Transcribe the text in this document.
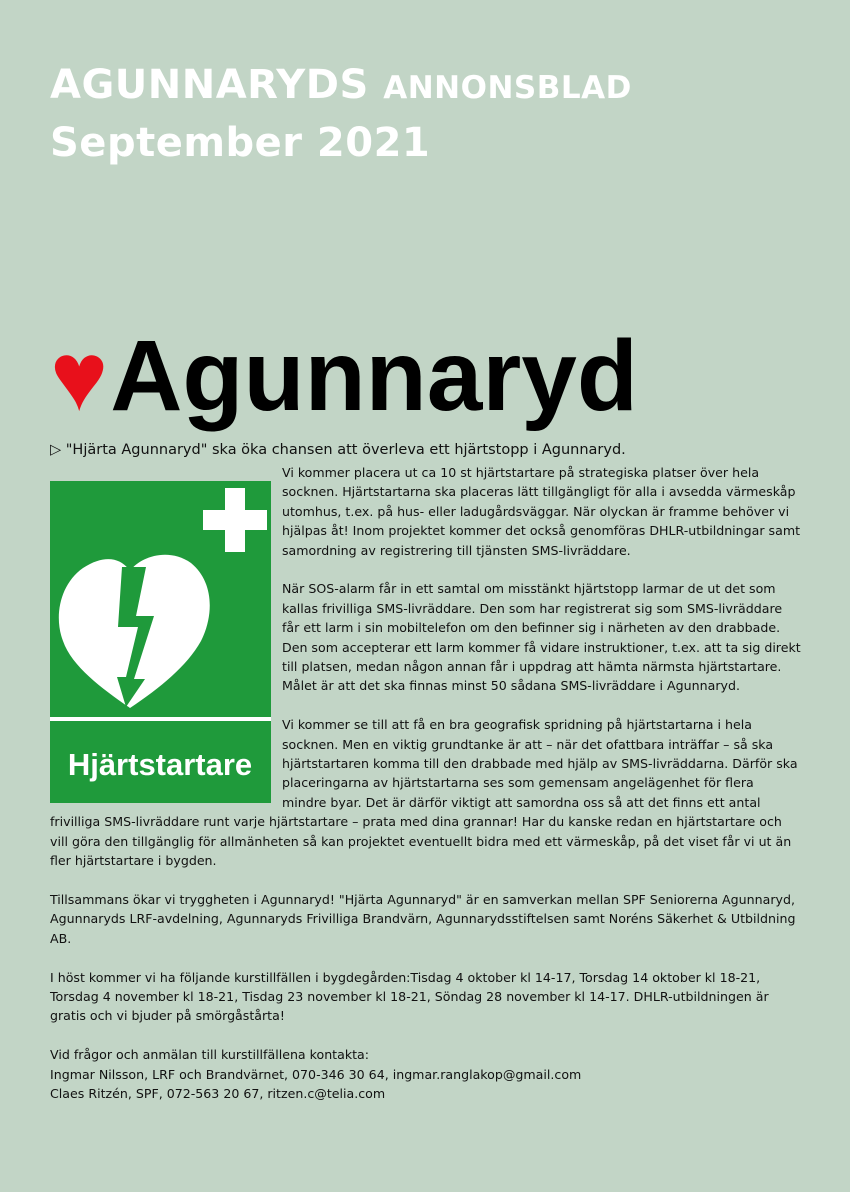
AGUNNARYDS ANNONSBLAD
September 2021
♥Agunnaryd
▷ "Hjärta Agunnaryd" ska öka chansen att överleva ett hjärtstopp i Agunnaryd.
Hjärtstartare

Vi kommer placera ut ca 10 st hjärtstartare på strategiska platser över hela socknen. Hjärtstartarna ska placeras lätt tillgängligt för alla i avsedda värmeskåp utomhus, t.ex. på hus- eller ladugårdsväggar. När olyckan är framme behöver vi hjälpas åt! Inom projektet kommer det också genomföras DHLR-utbildningar samt samordning av registrering till tjänsten SMS-livräddare.

När SOS-alarm får in ett samtal om misstänkt hjärtstopp larmar de ut det som kallas frivilliga SMS-livräddare. Den som har registrerat sig som SMS-livräddare får ett larm i sin mobiltelefon om den befinner sig i närheten av den drabbade. Den som accepterar ett larm kommer få vidare instruktioner, t.ex. att ta sig direkt till platsen, medan någon annan får i uppdrag att hämta närmsta hjärtstartare. Målet är att det ska finnas minst 50 sådana SMS-livräddare i Agunnaryd.

Vi kommer se till att få en bra geografisk spridning på hjärtstartarna i hela socknen. Men en viktig grundtanke är att – när det ofattbara inträffar – så ska hjärtstartaren komma till den drabbade med hjälp av SMS-livräddarna. Därför ska placeringarna av hjärtstartarna ses som gemensam angelägenhet för flera mindre byar. Det är därför viktigt att samordna oss så att det finns ett antal frivilliga SMS-livräddare runt varje hjärtstartare – prata med dina grannar! Har du kanske redan en hjärtstartare och vill göra den tillgänglig för allmänheten så kan projektet eventuellt bidra med ett värmeskåp, på det viset får vi ut än fler hjärtstartare i bygden.

Tillsammans ökar vi tryggheten i Agunnaryd! "Hjärta Agunnaryd" är en samverkan mellan SPF Seniorerna Agunnaryd, Agunnaryds LRF-avdelning, Agunnaryds Frivilliga Brandvärn, Agunnarydsstiftelsen samt Noréns Säkerhet & Utbildning AB.

I höst kommer vi ha följande kurstillfällen i bygdegården:Tisdag 4 oktober kl 14-17, Torsdag 14 oktober kl 18-21, Torsdag 4 november kl 18-21, Tisdag 23 november kl 18-21, Söndag 28 november kl 14-17. DHLR-utbildningen är gratis och vi bjuder på smörgåstårta!

Vid frågor och anmälan till kurstillfällena kontakta:

Ingmar Nilsson, LRF och Brandvärnet, 070-346 30 64, ingmar.ranglakop@gmail.com

Claes Ritzén, SPF, 072-563 20 67, ritzen.c@telia.com
